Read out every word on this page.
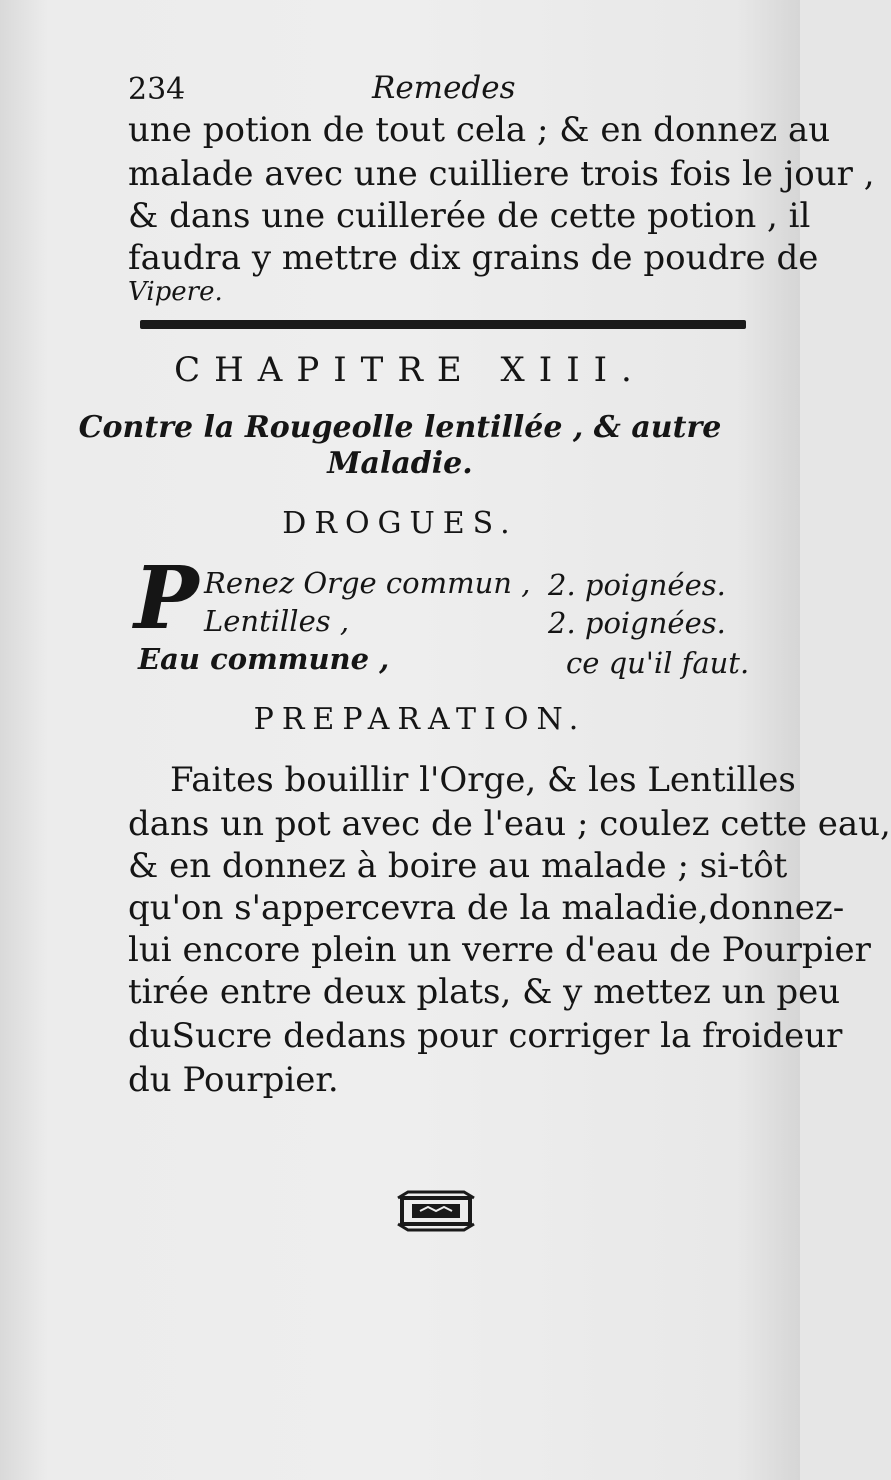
234	Remedes
une potion de tout cela ; & en donnez au
malade avec une cuilliere trois fois le jour ,
& dans une cuillerée de cette potion , il
faudra y mettre dix grains de poudre de
Vipere.
CHAPITRE XIII.
Contre la Rougeolle lentillée , & autre
Maladie.
DROGUES.
P Renez Orge commun , 2. poignées.
Lentilles ,	2. poignées.
Eau commune ,	ce qu'il faut.
PREPARATION.
Faites bouillir l'Orge, & les Lentilles
dans un pot avec de l'eau ; coulez cette eau,
& en donnez à boire au malade ; si-tôt
qu'on s'appercevra de la maladie,donnez-
lui encore plein un verre d'eau de Pourpier
tirée entre deux plats, & y mettez un peu
duSucre dedans pour corriger la froideur
du Pourpier.
